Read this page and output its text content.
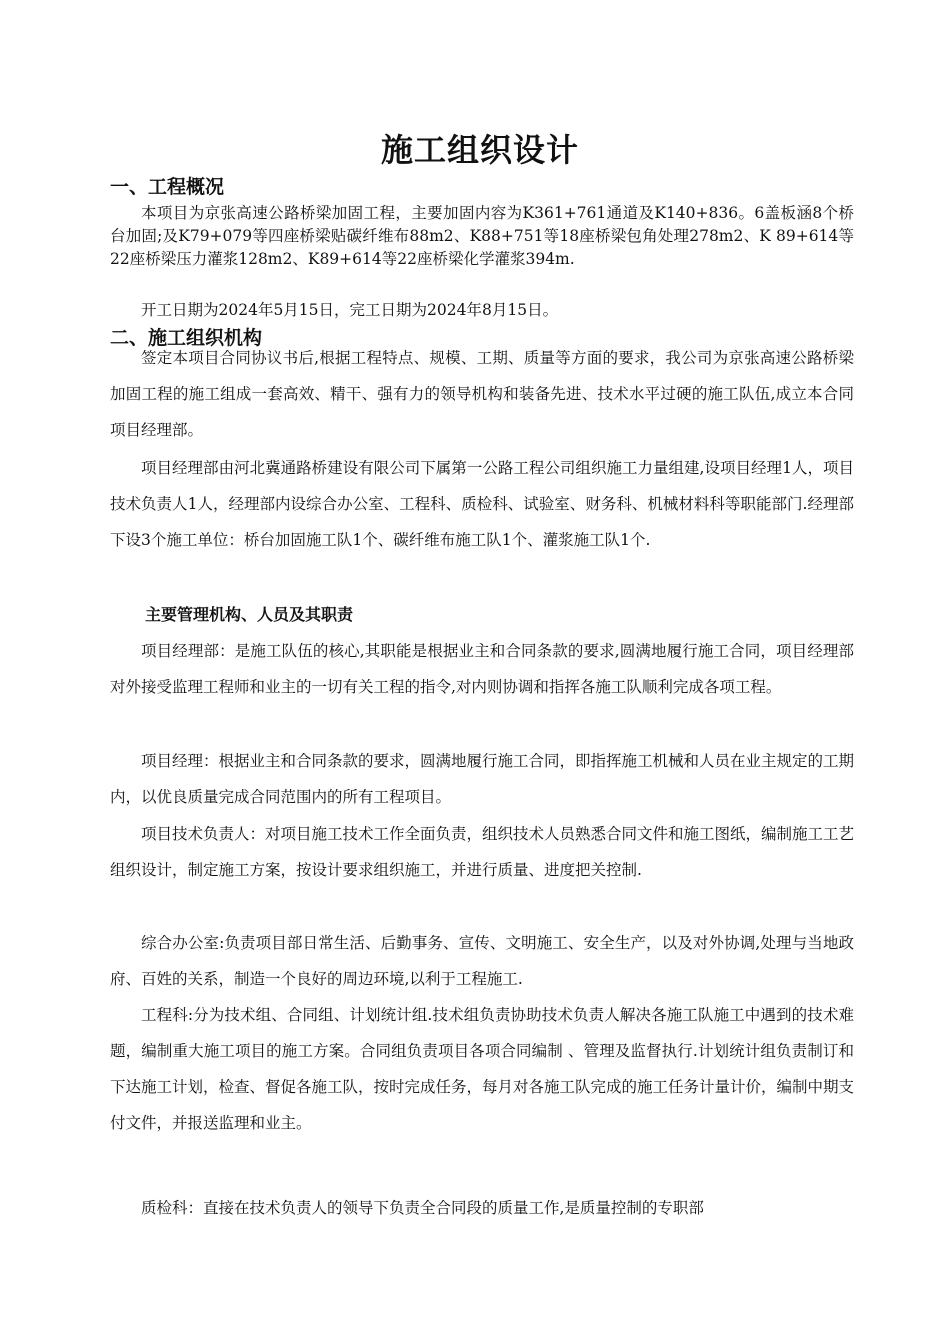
施工组织设计
一、工程概况

本项目为京张高速公路桥梁加固工程，主要加固内容为K361+761通道及K140+836。6盖板涵8个桥台加固;及K79+079等四座桥梁贴碳纤维布88m2、K88+751等18座桥梁包角处理278m2、K 89+614等22座桥梁压力灌浆128m2、K89+614等22座桥梁化学灌浆394m.

开工日期为2024年5月15日，完工日期为2024年8月15日。

二、施工组织机构

签定本项目合同协议书后,根据工程特点、规模、工期、质量等方面的要求，我公司为京张高速公路桥梁加固工程的施工组成一套高效、精干、强有力的领导机构和装备先进、技术水平过硬的施工队伍,成立本合同项目经理部。

项目经理部由河北冀通路桥建设有限公司下属第一公路工程公司组织施工力量组建,设项目经理1人，项目技术负责人1人，经理部内设综合办公室、工程科、质检科、试验室、财务科、机械材料科等职能部门.经理部下设3个施工单位：桥台加固施工队1个、碳纤维布施工队1个、灌浆施工队1个.

主要管理机构、人员及其职责

项目经理部：是施工队伍的核心,其职能是根据业主和合同条款的要求,圆满地履行施工合同，项目经理部对外接受监理工程师和业主的一切有关工程的指令,对内则协调和指挥各施工队顺利完成各项工程。

项目经理：根据业主和合同条款的要求，圆满地履行施工合同，即指挥施工机械和人员在业主规定的工期内，以优良质量完成合同范围内的所有工程项目。

项目技术负责人：对项目施工技术工作全面负责，组织技术人员熟悉合同文件和施工图纸，编制施工工艺组织设计，制定施工方案，按设计要求组织施工，并进行质量、进度把关控制.

综合办公室:负责项目部日常生活、后勤事务、宣传、文明施工、安全生产，以及对外协调,处理与当地政府、百姓的关系，制造一个良好的周边环境,以利于工程施工.

工程科:分为技术组、合同组、计划统计组.技术组负责协助技术负责人解决各施工队施工中遇到的技术难题，编制重大施工项目的施工方案。合同组负责项目各项合同编制 、管理及监督执行.计划统计组负责制订和下达施工计划，检查、督促各施工队，按时完成任务，每月对各施工队完成的施工任务计量计价，编制中期支付文件，并报送监理和业主。

质检科：直接在技术负责人的领导下负责全合同段的质量工作,是质量控制的专职部
